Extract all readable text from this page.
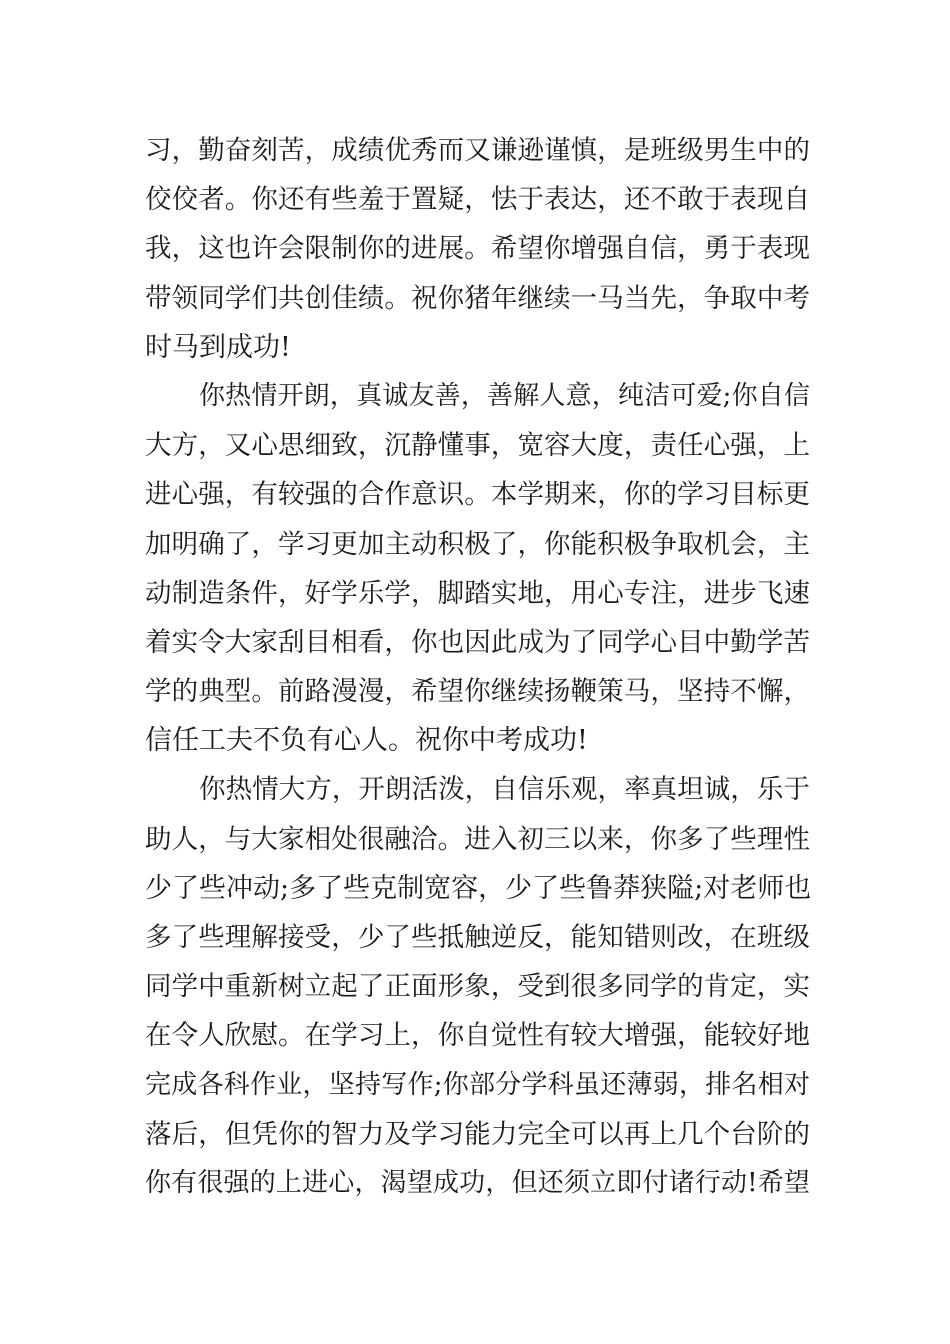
习，勤奋刻苦，成绩优秀而又谦逊谨慎，是班级男生中的
佼佼者。你还有些羞于置疑，怯于表达，还不敢于表现自
我，这也许会限制你的进展。希望你增强自信，勇于表现
带领同学们共创佳绩。祝你猪年继续一马当先，争取中考
时马到成功!
你热情开朗，真诚友善，善解人意，纯洁可爱;你自信
大方，又心思细致，沉静懂事，宽容大度，责任心强，上
进心强，有较强的合作意识。本学期来，你的学习目标更
加明确了，学习更加主动积极了，你能积极争取机会，主
动制造条件，好学乐学，脚踏实地，用心专注，进步飞速
着实令大家刮目相看，你也因此成为了同学心目中勤学苦
学的典型。前路漫漫，希望你继续扬鞭策马，坚持不懈，
信任工夫不负有心人。祝你中考成功!
你热情大方，开朗活泼，自信乐观，率真坦诚，乐于
助人，与大家相处很融洽。进入初三以来，你多了些理性
少了些冲动;多了些克制宽容，少了些鲁莽狭隘;对老师也
多了些理解接受，少了些抵触逆反，能知错则改，在班级
同学中重新树立起了正面形象，受到很多同学的肯定，实
在令人欣慰。在学习上，你自觉性有较大增强，能较好地
完成各科作业，坚持写作;你部分学科虽还薄弱，排名相对
落后，但凭你的智力及学习能力完全可以再上几个台阶的
你有很强的上进心，渴望成功，但还须立即付诸行动!希望
